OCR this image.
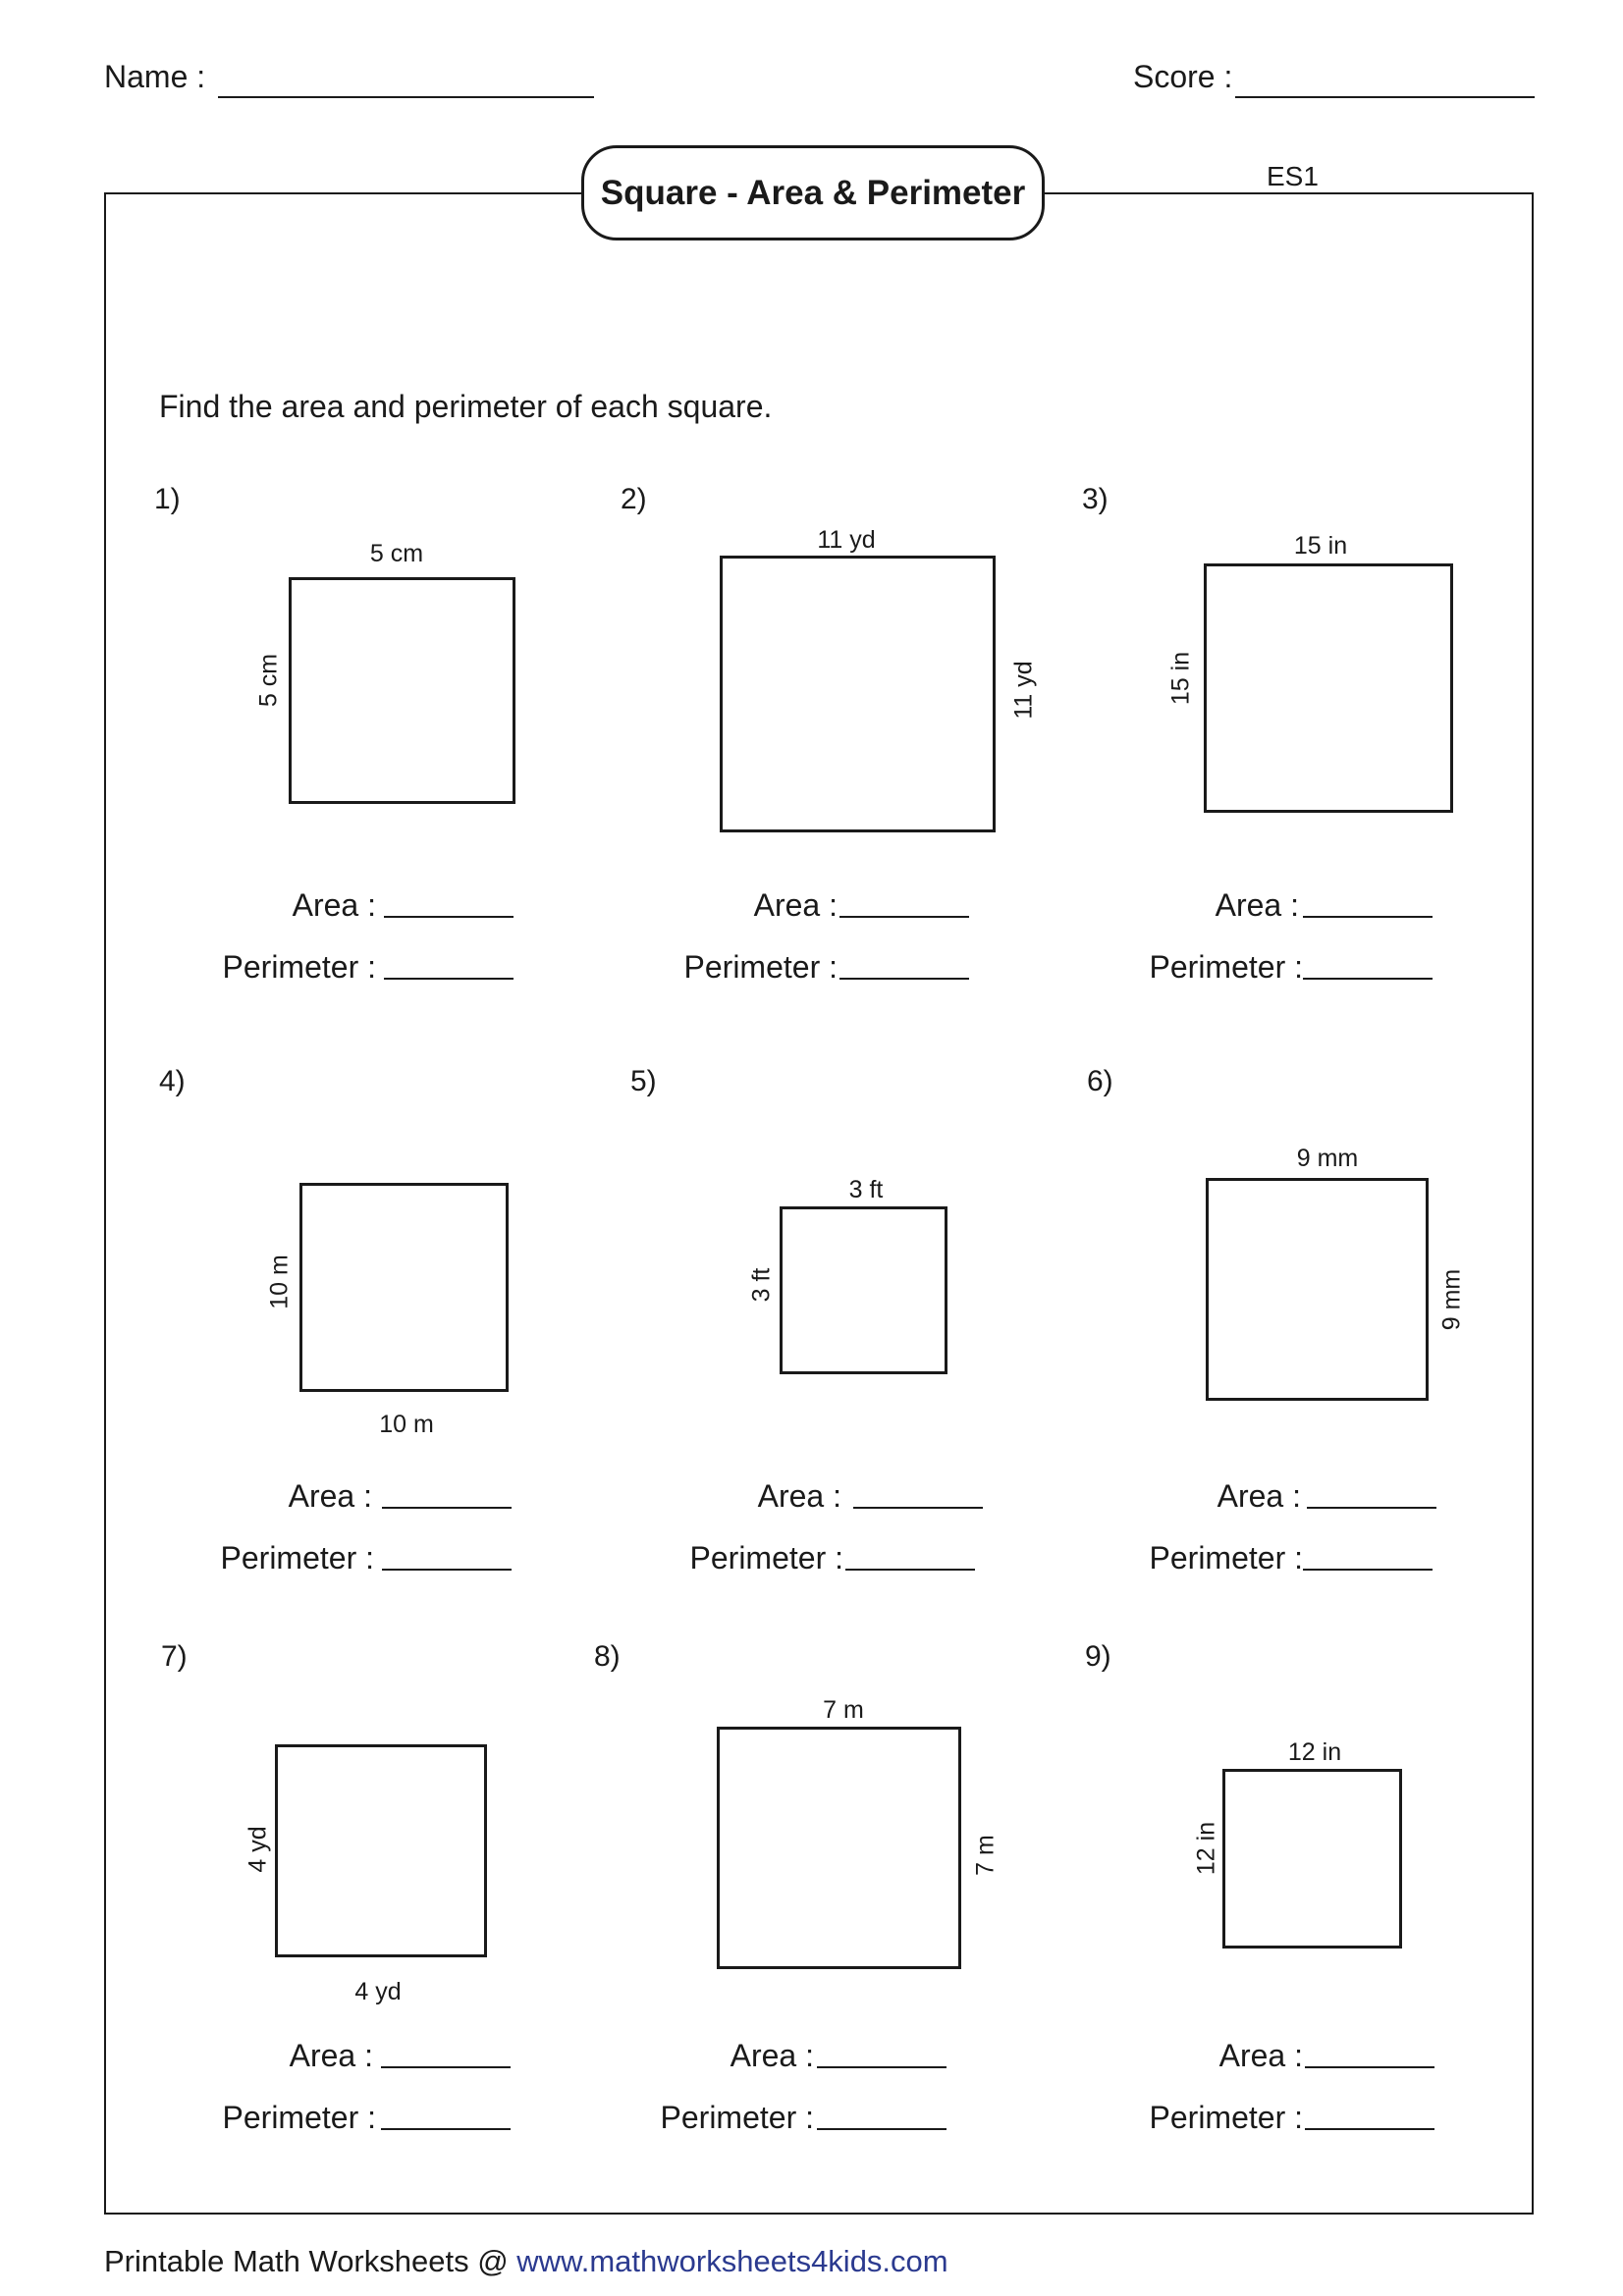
Name :	Score :
Square - Area & Perimeter	ES1
Find the area and perimeter of each square.
1)	2)	3)
4)	5)	6)
7)	8)	9)
5 cm
5 cm
11 yd
11 yd
15 in
15 in
10 m
10 m
3 ft
3 ft
9 mm
9 mm
4 yd
4 yd
7 m
7 m
12 in
12 in
Area :
Perimeter :
Area :
Perimeter :
Area :
Perimeter :
Area :
Perimeter :
Area :
Perimeter :
Area :
Perimeter :
Area :
Perimeter :
Area :
Perimeter :
Area :
Perimeter :
Printable Math Worksheets @ www.mathworksheets4kids.com
